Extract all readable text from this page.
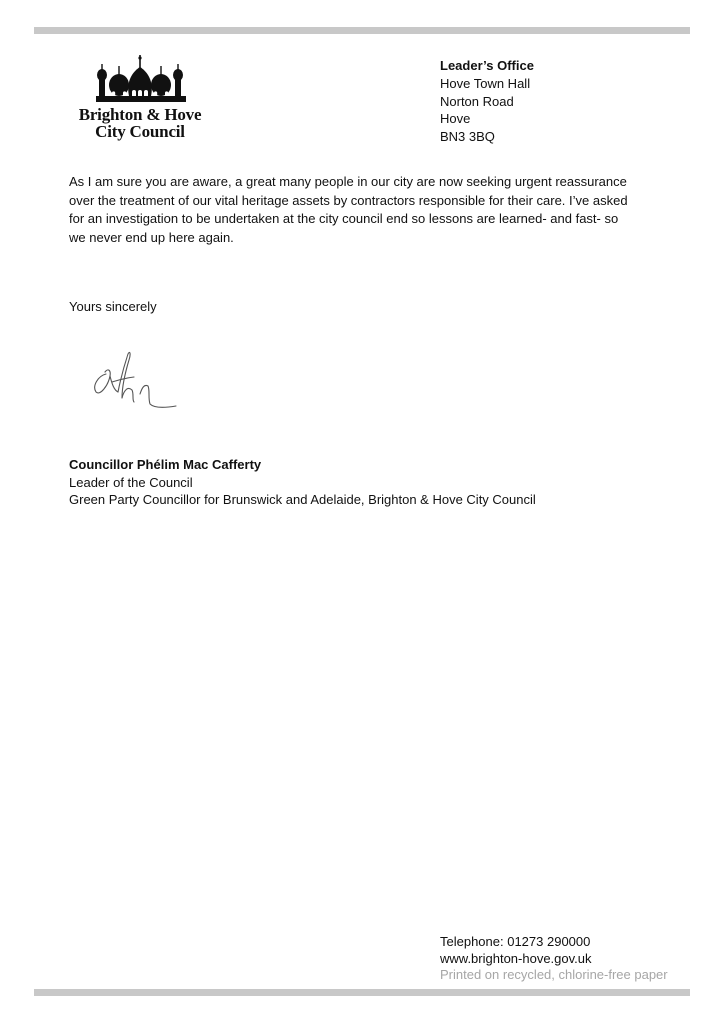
Brighton & Hove
City Council
Leader’s Office
Hove Town Hall
Norton Road
Hove
BN3 3BQ
As I am sure you are aware, a great many people in our city are now seeking urgent reassurance
over the treatment of our vital heritage assets by contractors responsible for their care. I’ve asked
for an investigation to be undertaken at the city council end so lessons are learned- and fast- so
we never end up here again.
Yours sincerely
Councillor Phélim Mac Cafferty
Leader of the Council
Green Party Councillor for Brunswick and Adelaide, Brighton & Hove City Council
Telephone: 01273 290000
www.brighton-hove.gov.uk
Printed on recycled, chlorine-free paper
